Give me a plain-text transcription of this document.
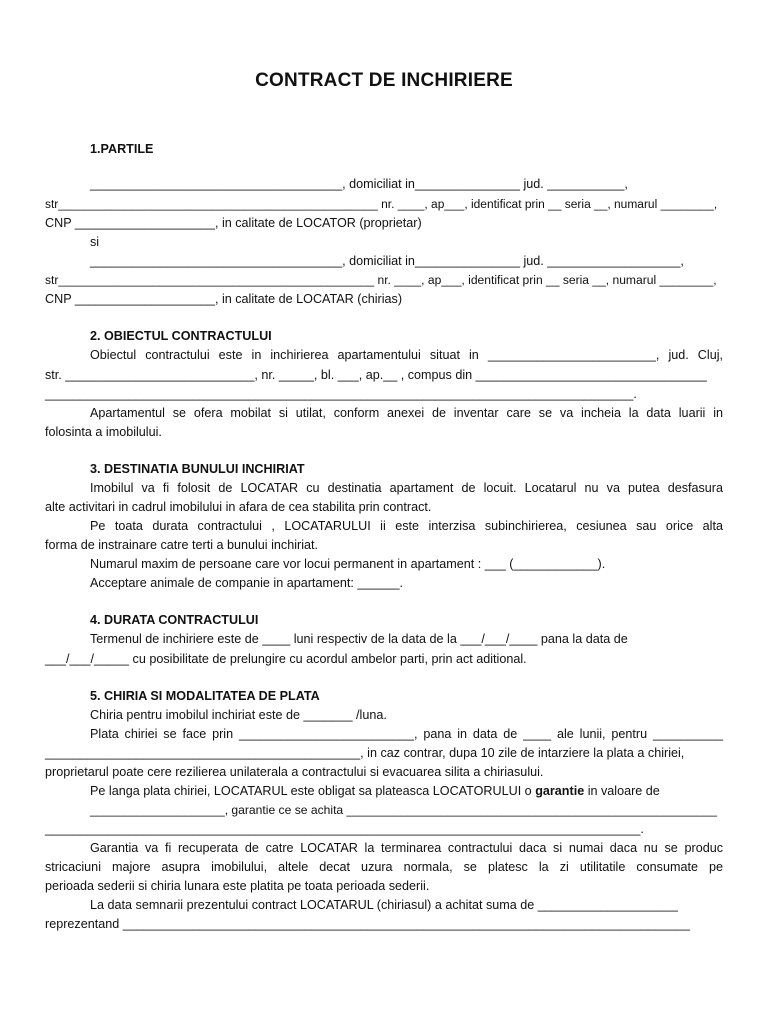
CONTRACT DE INCHIRIERE
1.PARTILE
____________________________________, domiciliat in_______________ jud. ___________,
str________________________________________________ nr. ____, ap___, identificat prin __ seria __, numarul ________,
CNP ____________________, in calitate de LOCATOR (proprietar)
si
____________________________________, domiciliat in_______________ jud. ___________________,
str_______________________________________________ nr. ____, ap___, identificat prin __ seria __, numarul ________,
CNP ____________________, in calitate de LOCATAR (chirias)
2. OBIECTUL CONTRACTULUI
Obiectul contractului este in inchirierea apartamentului situat in ________________________, jud. Cluj,
str. ___________________________, nr. _____, bl. ___, ap.__ , compus din _________________________________
____________________________________________________________________________________.
Apartamentul se ofera mobilat si utilat, conform anexei de inventar care se va incheia la data luarii in
folosinta a imobilului.
3. DESTINATIA BUNULUI INCHIRIAT
Imobilul va fi folosit de LOCATAR cu destinatia apartament de locuit. Locatarul nu va putea desfasura
alte activitari in cadrul imobilului in afara de cea stabilita prin contract.
Pe toata durata contractului , LOCATARULUI ii este interzisa subinchirierea, cesiunea sau orice alta
forma de instrainare catre terti a bunului inchiriat.
Numarul maxim de persoane care vor locui permanent in apartament : ___ (____________).
Acceptare animale de companie in apartament: ______.
4. DURATA CONTRACTULUI
Termenul de inchiriere este de ____ luni respectiv de la data de la ___/___/____ pana la data de
___/___/_____ cu posibilitate de prelungire cu acordul ambelor parti, prin act aditional.
5. CHIRIA SI MODALITATEA DE PLATA
Chiria pentru imobilul inchiriat este de _______ /luna.
Plata chiriei se face prin _________________________, pana in data de ____ ale lunii, pentru __________
_____________________________________________, in caz contrar, dupa 10 zile de intarziere la plata a chiriei,
proprietarul poate cere rezilierea unilaterala a contractului si evacuarea silita a chiriasului.
Pe langa plata chiriei, LOCATARUL este obligat sa plateasca LOCATORULUI o garantie in valoare de
____________________, garantie ce se achita _______________________________________________________
_____________________________________________________________________________________.
Garantia va fi recuperata de catre LOCATAR la terminarea contractului daca si numai daca nu se produc
stricaciuni majore asupra imobilului, altele decat uzura normala, se platesc la zi utilitatile consumate pe
perioada sederii si chiria lunara este platita pe toata perioada sederii.
La data semnarii prezentului contract LOCATARUL (chiriasul) a achitat suma de ____________________
reprezentand _________________________________________________________________________________
